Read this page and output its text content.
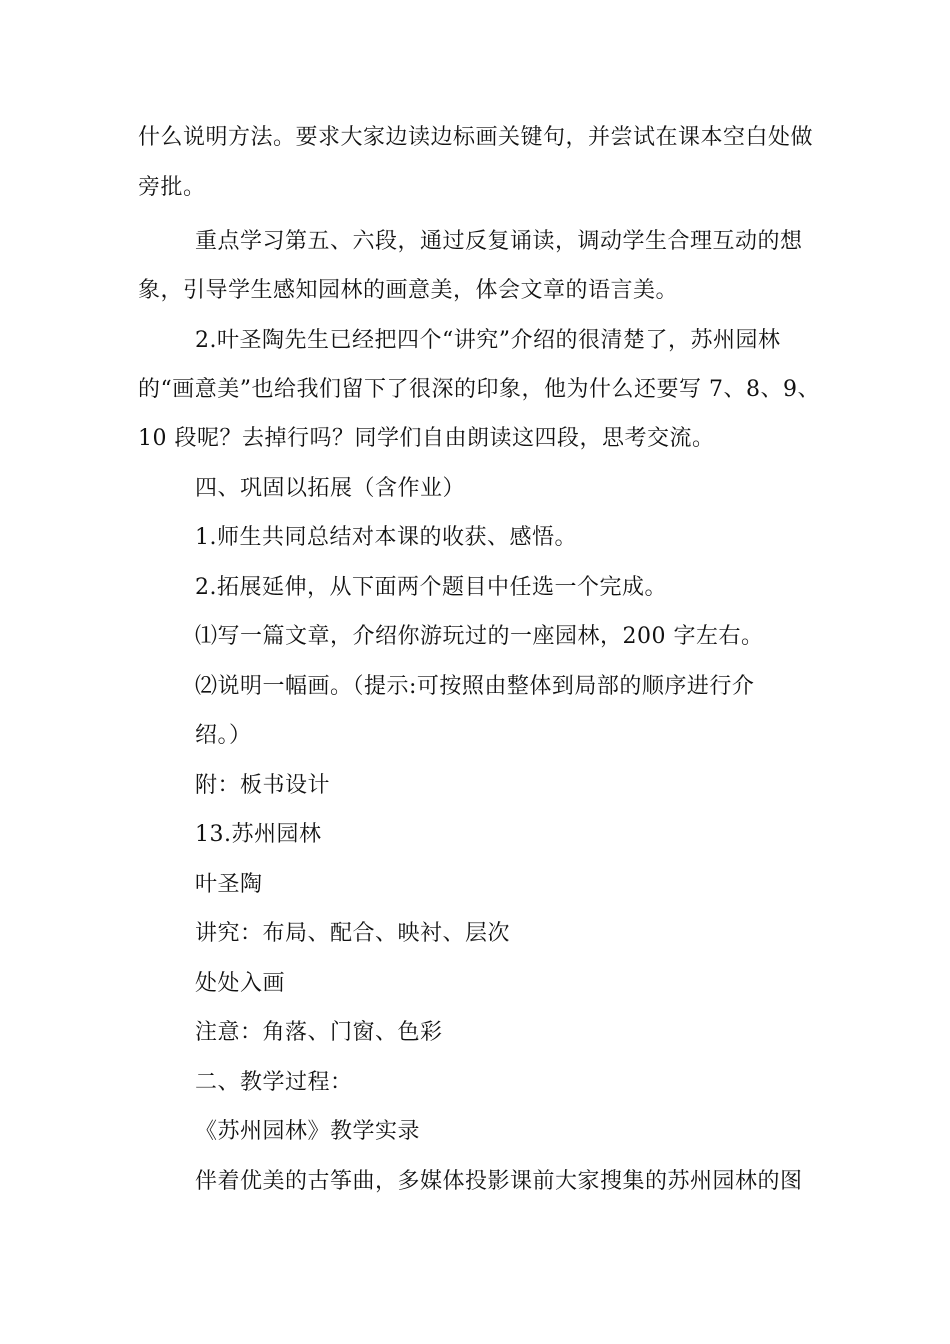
什么说明方法。要求大家边读边标画关键句，并尝试在课本空白处做

旁批。

重点学习第五、六段，通过反复诵读，调动学生合理互动的想

象，引导学生感知园林的画意美，体会文章的语言美。

2.叶圣陶先生已经把四个“讲究”介绍的很清楚了，苏州园林

的“画意美”也给我们留下了很深的印象，他为什么还要写 7、8、9、

10 段呢？去掉行吗？同学们自由朗读这四段，思考交流。

四、巩固以拓展（含作业）

1.师生共同总结对本课的收获、感悟。

2.拓展延伸，从下面两个题目中任选一个完成。

⑴写一篇文章，介绍你游玩过的一座园林，200 字左右。

⑵说明一幅画。（提示:可按照由整体到局部的顺序进行介

绍。）

附：板书设计

13.苏州园林

叶圣陶

讲究：布局、配合、映衬、层次

处处入画

注意：角落、门窗、色彩

二、教学过程：

《苏州园林》教学实录

伴着优美的古筝曲，多媒体投影课前大家搜集的苏州园林的图
